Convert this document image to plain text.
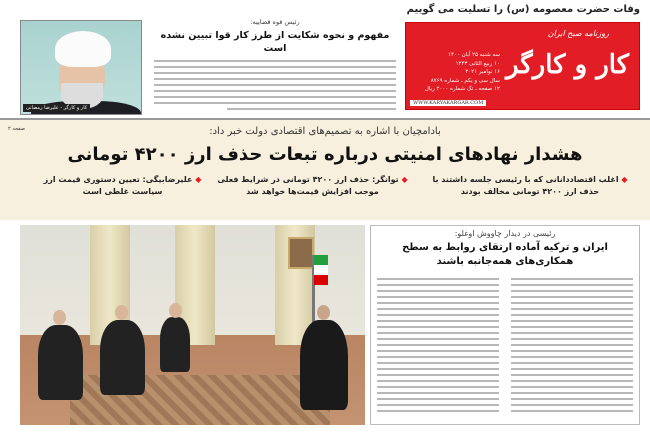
وفات حضرت معصومه (س) را تسلیت می گوییم
کار و کارگر - علیرضا رمضانی
رئیس قوه قضاییه:
مفهوم و نحوه شکایت از طرز کار قوا تبیین نشده است
روزنامه صبح ایران
کار و کارگر
سه شنبه ۲۵ آبان ۱۴۰۰
۱۰ ربیع الثانی ۱۴۴۳
۱۶ نوامبر ۲۰۲۱
سال سی و یکم ـ شماره ۸۷۶۹
۱۲ صفحه ـ تک شماره ۲۰۰۰ ریال
WWW.KARYAKARGAR.COM
بادامچیان با اشاره به تصمیم‌های اقتصادی دولت خبر داد:
هشدار نهادهای امنیتی درباره تبعات حذف ارز ۴۲۰۰ تومانی
◆ اغلب اقتصاددانانی که با رئیسی جلسه داشتند با حذف ارز ۴۲۰۰ تومانی مخالف بودند
◆ توانگر: حذف ارز ۴۲۰۰ تومانی در شرایط فعلی موجب افزایش قیمت‌ها خواهد شد
◆ علیرضابیگی: تعیین دستوری قیمت ارز سیاست غلطی است
صفحه ۲
رئیسی در دیدار چاووش اوغلو:
ایران و ترکیه آماده ارتقای روابط به سطح همکاری‌های همه‌جانبه باشند
